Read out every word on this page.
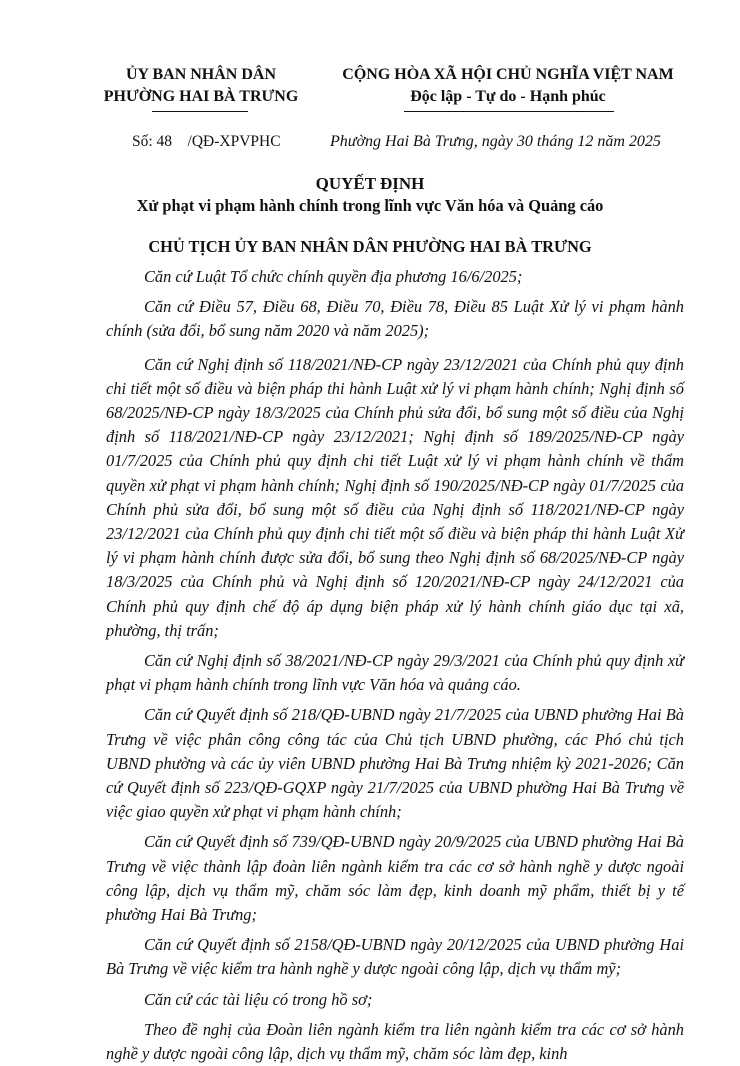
ỦY BAN NHÂN DÂN
PHƯỜNG HAI BÀ TRƯNG
CỘNG HÒA XÃ HỘI CHỦ NGHĨA VIỆT NAM
Độc lập - Tự do - Hạnh phúc
Số: 48    /QĐ-XPVPHC	Phường Hai Bà Trưng, ngày 30 tháng 12 năm 2025
QUYẾT ĐỊNH
Xử phạt vi phạm hành chính trong lĩnh vực Văn hóa và Quảng cáo
CHỦ TỊCH ỦY BAN NHÂN DÂN PHƯỜNG HAI BÀ TRƯNG

Căn cứ Luật Tổ chức chính quyền địa phương 16/6/2025;

Căn cứ Điều 57, Điều 68, Điều 70, Điều 78, Điều 85 Luật Xử lý vi phạm hành chính (sửa đổi, bổ sung năm 2020 và năm 2025);

Căn cứ Nghị định số 118/2021/NĐ-CP ngày 23/12/2021 của Chính phủ quy định chi tiết một số điều và biện pháp thi hành Luật xử lý vi phạm hành chính; Nghị định số 68/2025/NĐ-CP ngày 18/3/2025 của Chính phủ sửa đổi, bổ sung một số điều của Nghị định số 118/2021/NĐ-CP ngày 23/12/2021; Nghị định số 189/2025/NĐ-CP ngày 01/7/2025 của Chính phủ quy định chi tiết Luật xử lý vi phạm hành chính về thẩm quyền xử phạt vi phạm hành chính; Nghị định số 190/2025/NĐ-CP ngày 01/7/2025 của Chính phủ sửa đổi, bổ sung một số điều của Nghị định số 118/2021/NĐ-CP ngày 23/12/2021 của Chính phủ quy định chi tiết một số điều và biện pháp thi hành Luật Xử lý vi phạm hành chính được sửa đổi, bổ sung theo Nghị định số 68/2025/NĐ-CP ngày 18/3/2025 của Chính phủ và Nghị định số 120/2021/NĐ-CP ngày 24/12/2021 của Chính phủ quy định chế độ áp dụng biện pháp xử lý hành chính giáo dục tại xã, phường, thị trấn;

Căn cứ Nghị định số 38/2021/NĐ-CP ngày 29/3/2021 của Chính phủ quy định xử phạt vi phạm hành chính trong lĩnh vực Văn hóa và quảng cáo.

Căn cứ Quyết định số 218/QĐ-UBND ngày 21/7/2025 của UBND phường Hai Bà Trưng về việc phân công công tác của Chủ tịch UBND phường, các Phó chủ tịch UBND phường và các ủy viên UBND phường Hai Bà Trưng nhiệm kỳ 2021-2026; Căn cứ Quyết định số 223/QĐ-GQXP ngày 21/7/2025 của UBND phường Hai Bà Trưng về việc giao quyền xử phạt vi phạm hành chính;

Căn cứ Quyết định số 739/QĐ-UBND ngày 20/9/2025 của UBND phường Hai Bà Trưng về việc thành lập đoàn liên ngành kiểm tra các cơ sở hành nghề y dược ngoài công lập, dịch vụ thẩm mỹ, chăm sóc làm đẹp, kinh doanh mỹ phẩm, thiết bị y tế phường Hai Bà Trưng;

Căn cứ Quyết định số 2158/QĐ-UBND ngày 20/12/2025 của UBND phường Hai Bà Trưng về việc kiểm tra hành nghề y dược ngoài công lập, dịch vụ thẩm mỹ;

Căn cứ các tài liệu có trong hồ sơ;

Theo đề nghị của Đoàn liên ngành kiểm tra liên ngành kiểm tra các cơ sở hành nghề y dược ngoài công lập, dịch vụ thẩm mỹ, chăm sóc làm đẹp, kinh
